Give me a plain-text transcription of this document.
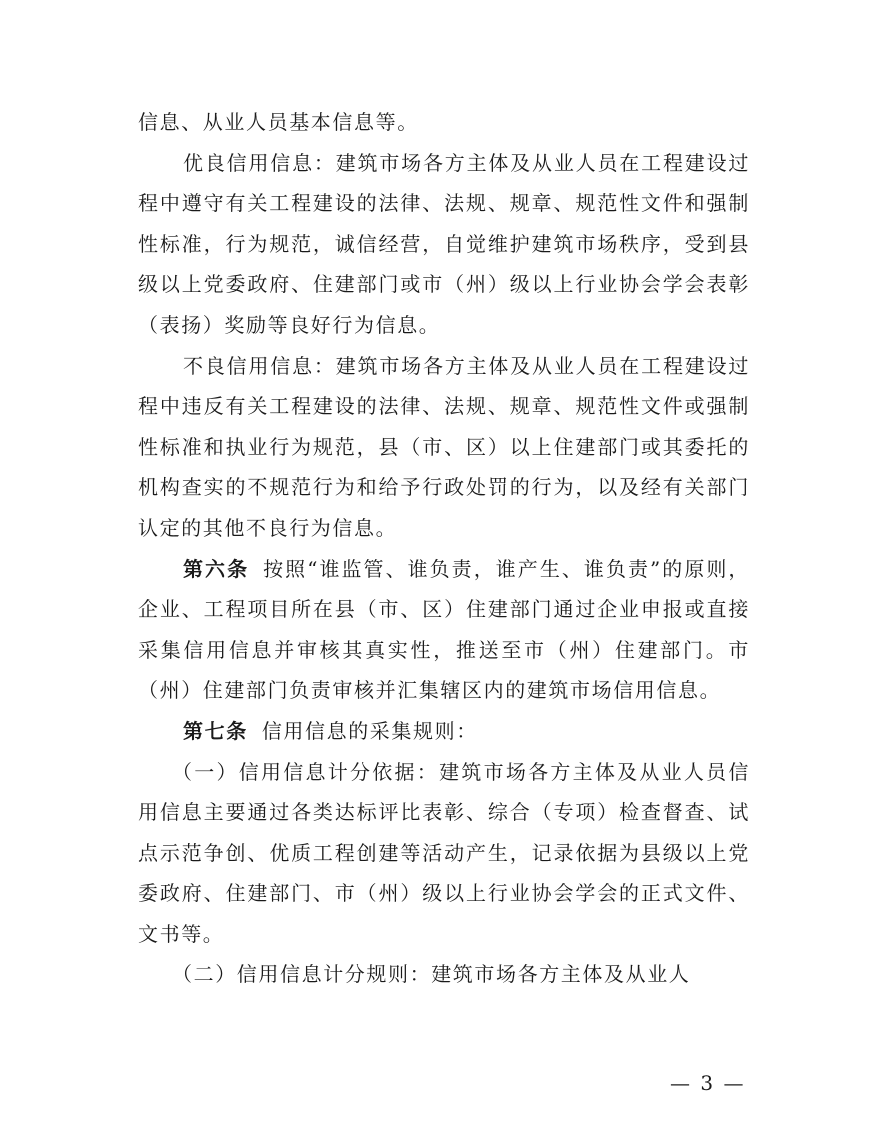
信息、从业人员基本信息等。

优良信用信息：建筑市场各方主体及从业人员在工程建设过程中遵守有关工程建设的法律、法规、规章、规范性文件和强制性标准，行为规范，诚信经营，自觉维护建筑市场秩序，受到县级以上党委政府、住建部门或市（州）级以上行业协会学会表彰（表扬）奖励等良好行为信息。

不良信用信息：建筑市场各方主体及从业人员在工程建设过程中违反有关工程建设的法律、法规、规章、规范性文件或强制性标准和执业行为规范，县（市、区）以上住建部门或其委托的机构查实的不规范行为和给予行政处罚的行为，以及经有关部门认定的其他不良行为信息。

第六条 按照“谁监管、谁负责，谁产生、谁负责”的原则，企业、工程项目所在县（市、区）住建部门通过企业申报或直接采集信用信息并审核其真实性，推送至市（州）住建部门。市（州）住建部门负责审核并汇集辖区内的建筑市场信用信息。

第七条 信用信息的采集规则：

（一）信用信息计分依据：建筑市场各方主体及从业人员信用信息主要通过各类达标评比表彰、综合（专项）检查督查、试点示范争创、优质工程创建等活动产生，记录依据为县级以上党委政府、住建部门、市（州）级以上行业协会学会的正式文件、文书等。

（二）信用信息计分规则：建筑市场各方主体及从业人

— 3 —
